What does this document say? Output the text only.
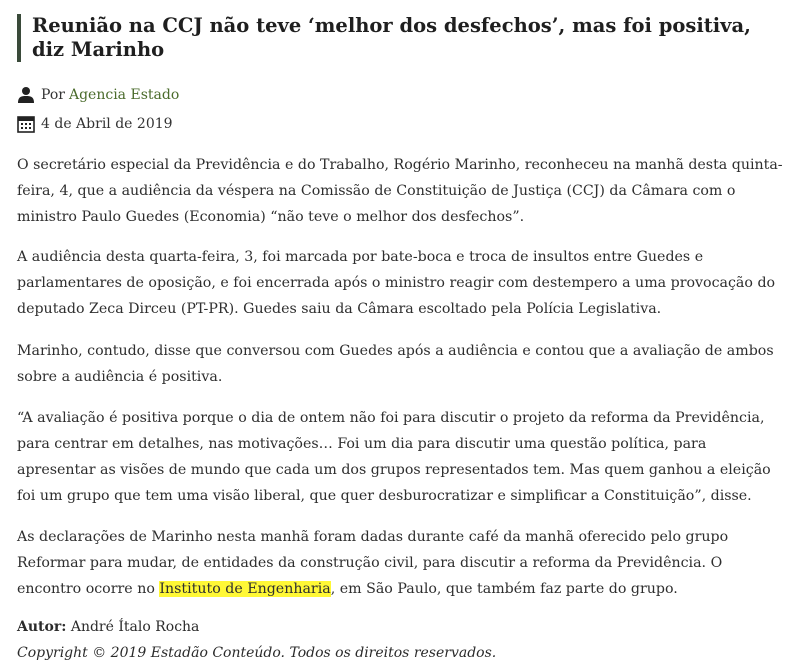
Reunião na CCJ não teve ‘melhor dos desfechos’, mas foi positiva, diz Marinho
Por Agencia Estado
4 de Abril de 2019

O secretário especial da Previdência e do Trabalho, Rogério Marinho, reconheceu na manhã desta quinta-feira, 4, que a audiência da véspera na Comissão de Constituição de Justiça (CCJ) da Câmara com o ministro Paulo Guedes (Economia) “não teve o melhor dos desfechos”.

A audiência desta quarta-feira, 3, foi marcada por bate-boca e troca de insultos entre Guedes e parlamentares de oposição, e foi encerrada após o ministro reagir com destempero a uma provocação do deputado Zeca Dirceu (PT-PR). Guedes saiu da Câmara escoltado pela Polícia Legislativa.

Marinho, contudo, disse que conversou com Guedes após a audiência e contou que a avaliação de ambos sobre a audiência é positiva.

“A avaliação é positiva porque o dia de ontem não foi para discutir o projeto da reforma da Previdência, para centrar em detalhes, nas motivações… Foi um dia para discutir uma questão política, para apresentar as visões de mundo que cada um dos grupos representados tem. Mas quem ganhou a eleição foi um grupo que tem uma visão liberal, que quer desburocratizar e simplificar a Constituição”, disse.

As declarações de Marinho nesta manhã foram dadas durante café da manhã oferecido pelo grupo Reformar para mudar, de entidades da construção civil, para discutir a reforma da Previdência. O encontro ocorre no Instituto de Engenharia, em São Paulo, que também faz parte do grupo.

Autor: André Ítalo Rocha
Copyright © 2019 Estadão Conteúdo. Todos os direitos reservados.
